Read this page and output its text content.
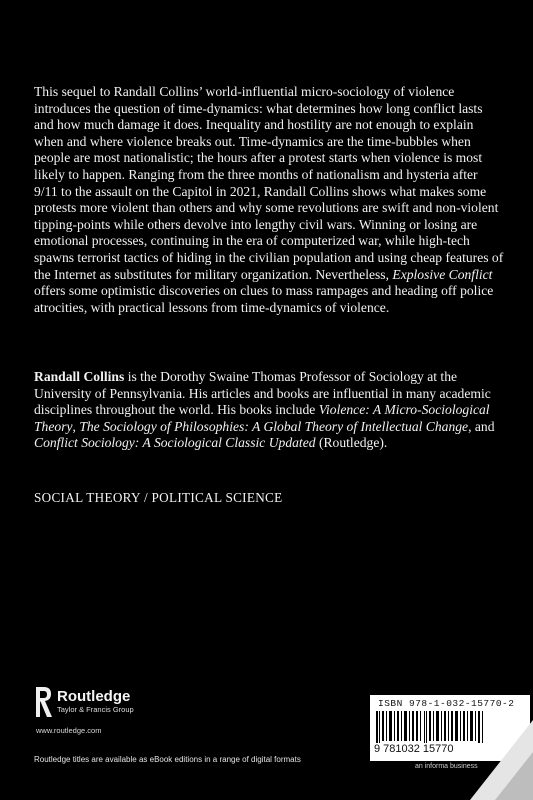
This sequel to Randall Collins’ world-influential micro-sociology of violence introduces the question of time-dynamics: what determines how long conflict lasts and how much damage it does. Inequality and hostility are not enough to explain when and where violence breaks out. Time-dynamics are the time-bubbles when people are most nationalistic; the hours after a protest starts when violence is most likely to happen. Ranging from the three months of nationalism and hysteria after 9/11 to the assault on the Capitol in 2021, Randall Collins shows what makes some protests more violent than others and why some revolutions are swift and non-violent tipping-points while others devolve into lengthy civil wars. Winning or losing are emotional processes, continuing in the era of computerized war, while high-tech spawns terrorist tactics of hiding in the civilian population and using cheap features of the Internet as substitutes for military organization. Nevertheless, Explosive Conflict offers some optimistic discoveries on clues to mass rampages and heading off police atrocities, with practical lessons from time-dynamics of violence.

Randall Collins is the Dorothy Swaine Thomas Professor of Sociology at the University of Pennsylvania. His articles and books are influential in many academic disciplines throughout the world. His books include Violence: A Micro-Sociological Theory, The Sociology of Philosophies: A Global Theory of Intellectual Change, and Conflict Sociology: A Sociological Classic Updated (Routledge).

SOCIAL THEORY / POLITICAL SCIENCE
Routledge
Taylor & Francis Group
www.routledge.com
Routledge titles are available as eBook editions in a range of digital formats
ISBN 978-1-032-15770-2
9 781032 15770
an informa business
